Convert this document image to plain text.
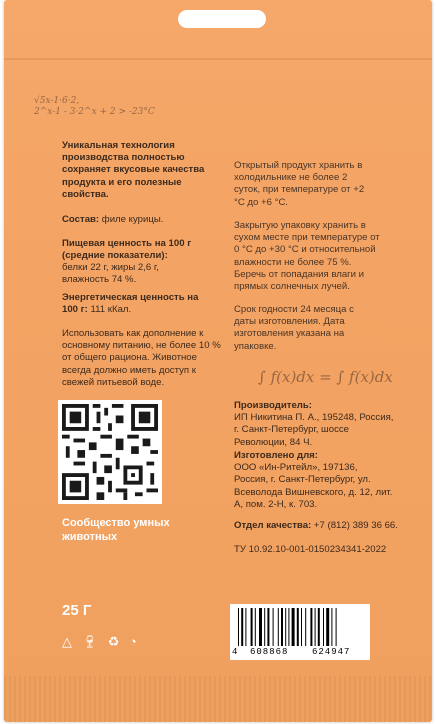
√5x-1·6·2,
2^x-1 - 3·2^x + 2 > -23°C
∫ f(x)dx = ∫ f(x)dx
Уникальная технология производства полностью сохраняет вкусовые качества продукта и его полезные свойства.
Состав: филе курицы.
Пищевая ценность на 100 г (средние показатели):
белки 22 г, жиры 2,6 г, влажность 74 %.
Энергетическая ценность на 100 г: 111 кКал.
Использовать как дополнение к основному питанию, не более 10 % от общего рациона. Животное всегда должно иметь доступ к свежей питьевой воде.
Сообщество умных
животных
25 Г
△ 🍷︎ ♻︎ ◔
Открытый продукт хранить в холодильнике не более 2 суток, при температуре от +2 °С до +6 °С.
Закрытую упаковку хранить в сухом месте при температуре от 0 °С до +30 °С и относительной влажности не более 75 %. Беречь от попадания влаги и прямых солнечных лучей.
Срок годности 24 месяца с даты изготовления. Дата изготовления указана на упаковке.
Производитель:
ИП Никитина П. А., 195248, Россия, г. Санкт-Петербург, шоссе Революции, 84 Ч.
Изготовлено для:
ООО «Ин-Ритейл», 197136, Россия, г. Санкт-Петербург, ул. Всеволода Вишневского, д. 12, лит. А, пом. 2-Н, к. 703.
Отдел качества: +7 (812) 389 36 66.
ТУ 10.92.10-001-0150234341-2022
4 608868	624947
